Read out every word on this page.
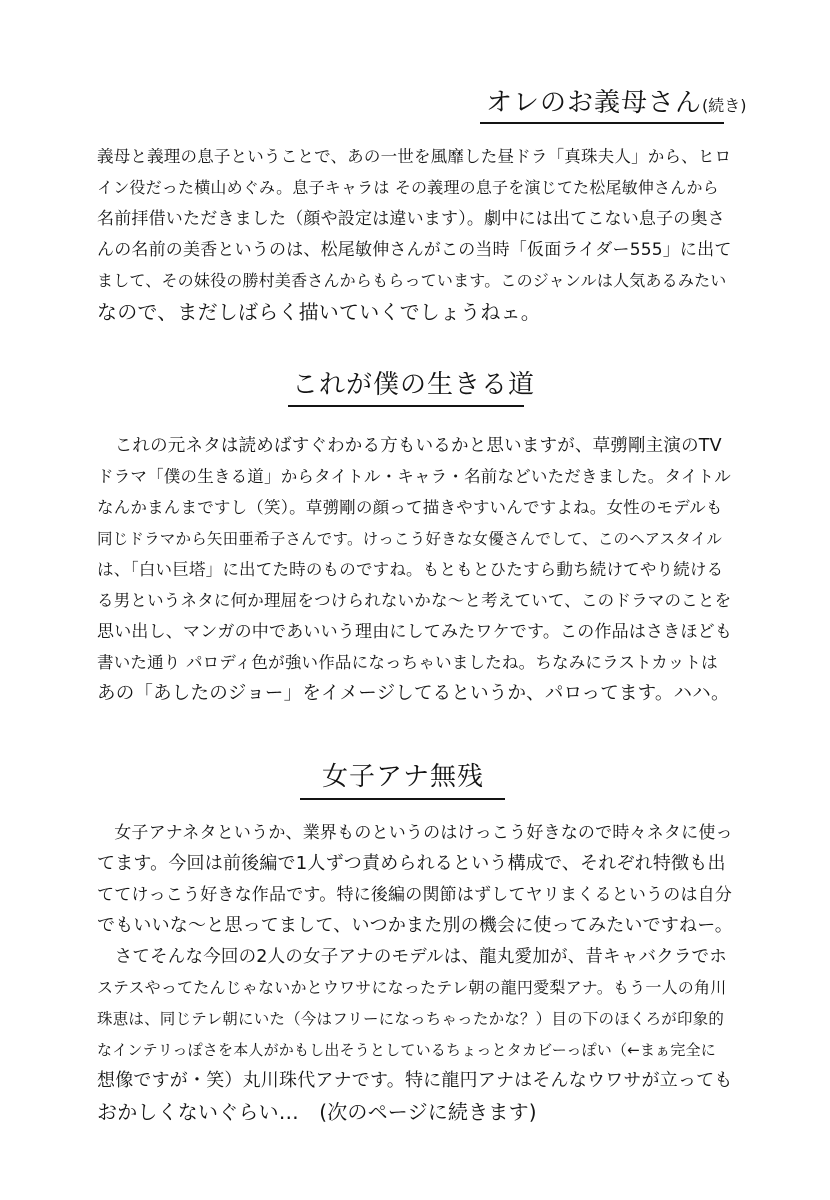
オレのお義母さん(続き)
義母と義理の息子ということで、あの一世を風靡した昼ドラ「真珠夫人」から、ヒロ
イン役だった横山めぐみ。息子キャラは その義理の息子を演じてた松尾敏伸さんから
名前拝借いただきました（顔や設定は違います）。劇中には出てこない息子の奥さ
んの名前の美香というのは、松尾敏伸さんがこの当時「仮面ライダー555」に出て
まして、その妹役の勝村美香さんからもらっています。このジャンルは人気あるみたい
なので、まだしばらく描いていくでしょうねェ。
これが僕の生きる道
　これの元ネタは読めばすぐわかる方もいるかと思いますが、草彅剛主演のTV
ドラマ「僕の生きる道」からタイトル・キャラ・名前などいただきました。タイトル
なんかまんまですし（笑）。草彅剛の顔って描きやすいんですよね。女性のモデルも
同じドラマから矢田亜希子さんです。けっこう好きな女優さんでして、このヘアスタイル
は、「白い巨塔」に出てた時のものですね。もともとひたすら動ち続けてやり続ける
る男というネタに何か理屈をつけられないかな〜と考えていて、このドラマのことを
思い出し、マンガの中であいいう理由にしてみたワケです。この作品はさきほども
書いた通り パロディ色が強い作品になっちゃいましたね。ちなみにラストカットは
あの「あしたのジョー」をイメージしてるというか、パロってます。ハハ。
女子アナ無残
　女子アナネタというか、業界ものというのはけっこう好きなので時々ネタに使っ
てます。今回は前後編で1人ずつ責められるという構成で、それぞれ特徴も出
ててけっこう好きな作品です。特に後編の関節はずしてヤリまくるというのは自分
でもいいな〜と思ってまして、いつかまた別の機会に使ってみたいですねー。
　さてそんな今回の2人の女子アナのモデルは、龍丸愛加が、昔キャバクラでホ
ステスやってたんじゃないかとウワサになったテレ朝の龍円愛梨アナ。もう一人の角川
珠恵は、同じテレ朝にいた（今はフリーになっちゃったかな？）目の下のほくろが印象的
なインテリっぽさを本人がかもし出そうとしているちょっとタカビーっぽい（←まぁ完全に
想像ですが・笑）丸川珠代アナです。特に龍円アナはそんなウワサが立っても
おかしくないぐらい…　(次のページに続きます)
